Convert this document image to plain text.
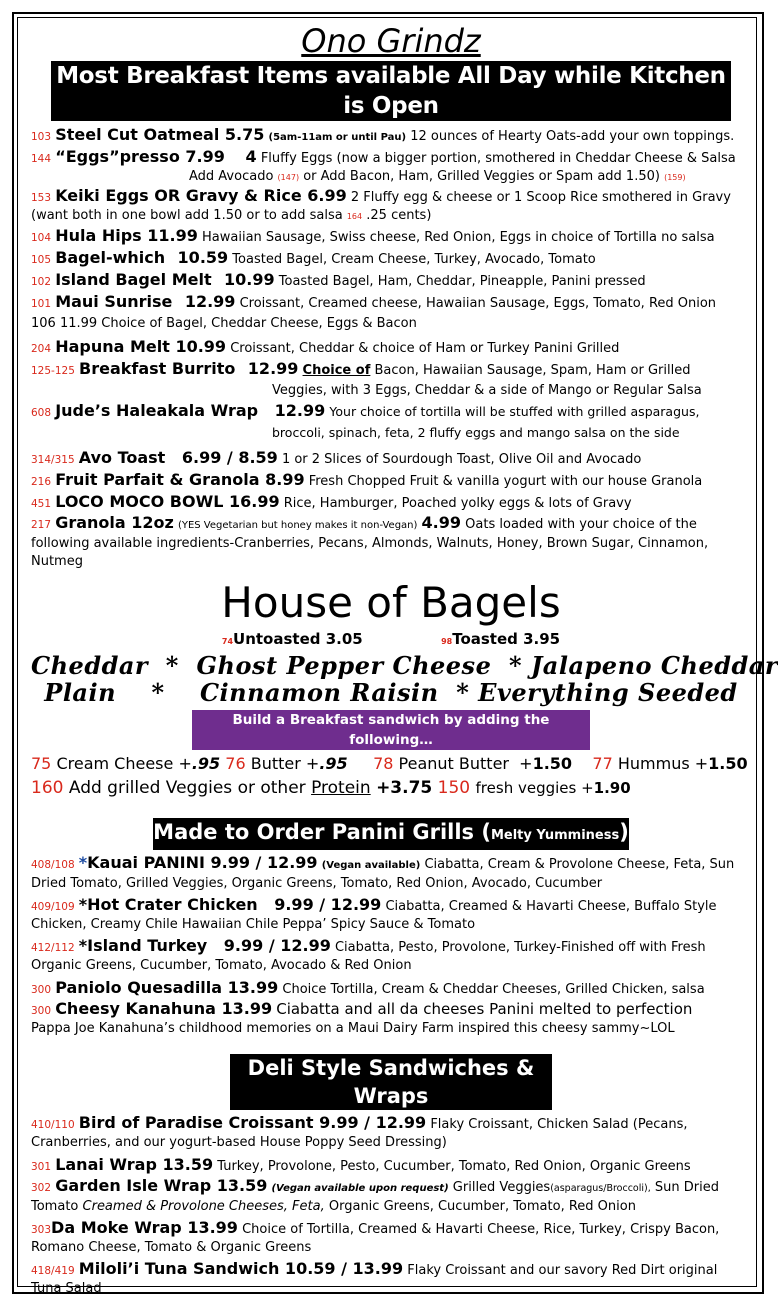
Ono Grindz

Most Breakfast Items available All Day while Kitchen is Open

103 Steel Cut Oatmeal 5.75 (5am-11am or until Pau) 12 ounces of Hearty Oats-add your own toppings.

144 “Eggs”presso 7.99 4 Fluffy Eggs (now a bigger portion, smothered in Cheddar Cheese & Salsa
Add Avocado (147) or Add Bacon, Ham, Grilled Veggies or Spam add 1.50) (159)

153 Keiki Eggs OR Gravy & Rice 6.99 2 Fluffy egg & cheese or 1 Scoop Rice smothered in Gravy (want both in one bowl add 1.50 or to add salsa 164 .25 cents)

104 Hula Hips 11.99 Hawaiian Sausage, Swiss cheese, Red Onion, Eggs in choice of Tortilla no salsa

105 Bagel-which 10.59 Toasted Bagel, Cream Cheese, Turkey, Avocado, Tomato

102 Island Bagel Melt 10.99 Toasted Bagel, Ham, Cheddar, Pineapple, Panini pressed

101 Maui Sunrise 12.99 Croissant, Creamed cheese, Hawaiian Sausage, Eggs, Tomato, Red Onion
106 11.99 Choice of Bagel, Cheddar Cheese, Eggs & Bacon

204 Hapuna Melt 10.99 Croissant, Cheddar & choice of Ham or Turkey Panini Grilled

125-125 Breakfast Burrito 12.99 Choice of Bacon, Hawaiian Sausage, Spam, Ham or Grilled
Veggies, with 3 Eggs, Cheddar & a side of Mango or Regular Salsa

608 Jude’s Haleakala Wrap 12.99 Your choice of tortilla will be stuffed with grilled asparagus,
broccoli, spinach, feta, 2 fluffy eggs and mango salsa on the side

314/315 Avo Toast 6.99 / 8.59 1 or 2 Slices of Sourdough Toast, Olive Oil and Avocado

216 Fruit Parfait & Granola 8.99 Fresh Chopped Fruit & vanilla yogurt with our house Granola

451 LOCO MOCO BOWL 16.99 Rice, Hamburger, Poached yolky eggs & lots of Gravy

217 Granola 12oz (YES Vegetarian but honey makes it non-Vegan) 4.99 Oats loaded with your choice of the following available ingredients-Cranberries, Pecans, Almonds, Walnuts, Honey, Brown Sugar, Cinnamon, Nutmeg

House of Bagels

74Untoasted 3.05	98Toasted 3.95

Cheddar  *  Ghost Pepper Cheese  * Jalapeno Cheddar

Plain    *    Cinnamon Raisin  * Everything Seeded

Build a Breakfast sandwich by adding the following…

75 Cream Cheese +.95 76 Butter +.95 78 Peanut Butter  +1.50 77 Hummus +1.50

160 Add grilled Veggies or other Protein +3.75 150 fresh veggies +1.90

Made to Order Panini Grills (Melty Yumminess)

408/108 *Kauai PANINI 9.99 / 12.99 (Vegan available) Ciabatta, Cream & Provolone Cheese, Feta, Sun Dried Tomato, Grilled Veggies, Organic Greens, Tomato, Red Onion, Avocado, Cucumber

409/109 *Hot Crater Chicken 9.99 / 12.99 Ciabatta, Creamed & Havarti Cheese, Buffalo Style Chicken, Creamy Chile Hawaiian Chile Peppa’ Spicy Sauce & Tomato

412/112 *Island Turkey 9.99 / 12.99 Ciabatta, Pesto, Provolone, Turkey-Finished off with Fresh Organic Greens, Cucumber, Tomato, Avocado & Red Onion

300 Paniolo Quesadilla 13.99 Choice Tortilla, Cream & Cheddar Cheeses, Grilled Chicken, salsa

300 Cheesy Kanahuna 13.99 Ciabatta and all da cheeses Panini melted to perfection
Pappa Joe Kanahuna’s childhood memories on a Maui Dairy Farm inspired this cheesy sammy~LOL

Deli Style Sandwiches & Wraps

410/110 Bird of Paradise Croissant 9.99 / 12.99 Flaky Croissant, Chicken Salad (Pecans, Cranberries, and our yogurt-based House Poppy Seed Dressing)

301 Lanai Wrap 13.59 Turkey, Provolone, Pesto, Cucumber, Tomato, Red Onion, Organic Greens

302 Garden Isle Wrap 13.59 (Vegan available upon request) Grilled Veggies(asparagus/Broccoli), Sun Dried Tomato Creamed & Provolone Cheeses, Feta, Organic Greens, Cucumber, Tomato, Red Onion

303Da Moke Wrap 13.99 Choice of Tortilla, Creamed & Havarti Cheese, Rice, Turkey, Crispy Bacon, Romano Cheese, Tomato & Organic Greens

418/419 Miloli’i Tuna Sandwich 10.59 / 13.99 Flaky Croissant and our savory Red Dirt original
Tuna Salad
